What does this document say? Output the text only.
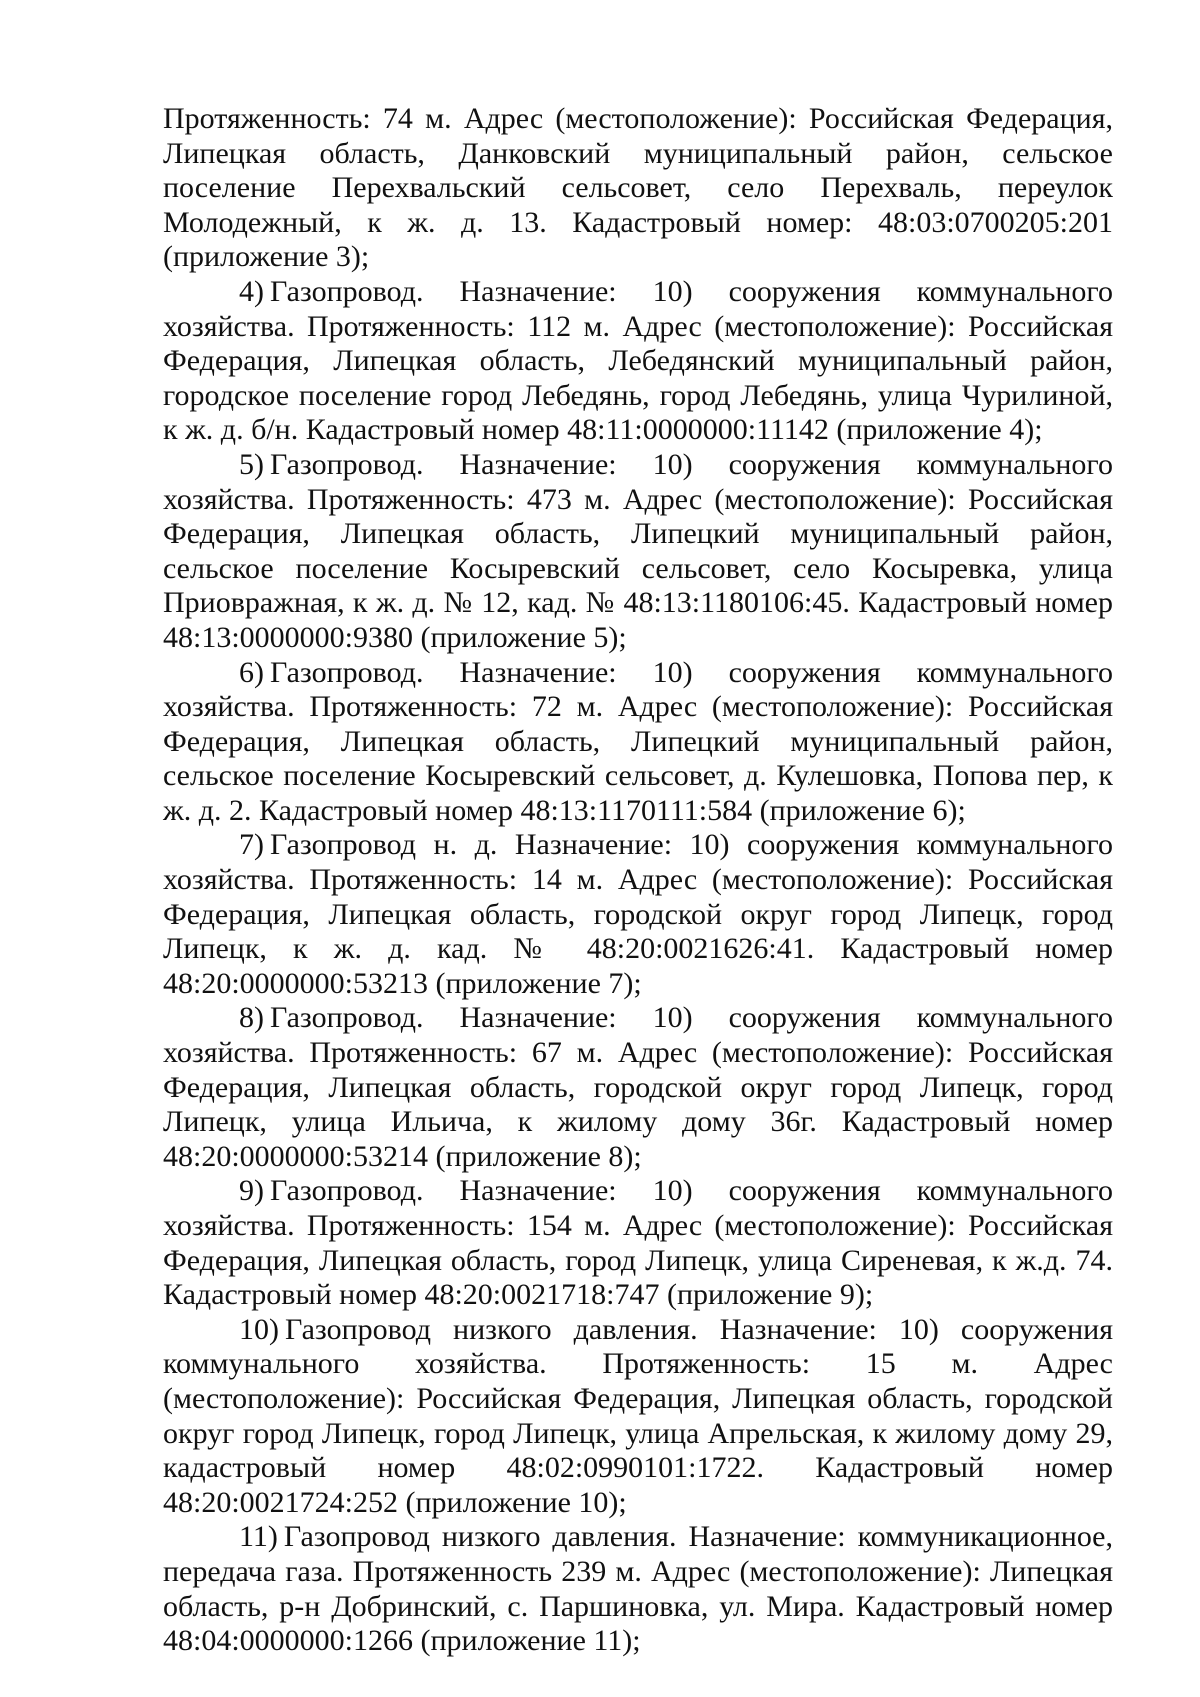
Протяженность: 74 м. Адрес (местоположение): Российская Федерация, Липецкая область, Данковский муниципальный район, сельское поселение Перехвальский сельсовет, село Перехваль, переулок Молодежный, к ж. д. 13. Кадастровый номер: 48:03:0700205:201 (приложение 3);

4) Газопровод. Назначение: 10) сооружения коммунального хозяйства. Протяженность: 112 м. Адрес (местоположение): Российская Федерация, Липецкая область, Лебедянский муниципальный район, городское поселение город Лебедянь, город Лебедянь, улица Чурилиной, к ж. д. б/н. Кадастровый номер 48:11:0000000:11142 (приложение 4);

5) Газопровод. Назначение: 10) сооружения коммунального хозяйства. Протяженность: 473 м. Адрес (местоположение): Российская Федерация, Липецкая область, Липецкий муниципальный район, сельское поселение Косыревский сельсовет, село Косыревка, улица Приовражная, к ж. д. № 12, кад. № 48:13:1180106:45. Кадастровый номер 48:13:0000000:9380 (приложение 5);

6) Газопровод. Назначение: 10) сооружения коммунального хозяйства. Протяженность: 72 м. Адрес (местоположение): Российская Федерация, Липецкая область, Липецкий муниципальный район, сельское поселение Косыревский сельсовет, д. Кулешовка, Попова пер, к ж. д. 2. Кадастровый номер 48:13:1170111:584 (приложение 6);

7) Газопровод н. д. Назначение: 10) сооружения коммунального хозяйства. Протяженность: 14 м. Адрес (местоположение): Российская Федерация, Липецкая область, городской округ город Липецк, город Липецк, к ж. д. кад. № 48:20:0021626:41. Кадастровый номер 48:20:0000000:53213 (приложение 7);

8) Газопровод. Назначение: 10) сооружения коммунального хозяйства. Протяженность: 67 м. Адрес (местоположение): Российская Федерация, Липецкая область, городской округ город Липецк, город Липецк, улица Ильича, к жилому дому 36г. Кадастровый номер 48:20:0000000:53214 (приложение 8);

9) Газопровод. Назначение: 10) сооружения коммунального хозяйства. Протяженность: 154 м. Адрес (местоположение): Российская Федерация, Липецкая область, город Липецк, улица Сиреневая, к ж.д. 74. Кадастровый номер 48:20:0021718:747 (приложение 9);

10) Газопровод низкого давления. Назначение: 10) сооружения коммунального хозяйства. Протяженность: 15 м. Адрес (местоположение): Российская Федерация, Липецкая область, городской округ город Липецк, город Липецк, улица Апрельская, к жилому дому 29, кадастровый номер 48:02:0990101:1722. Кадастровый номер 48:20:0021724:252 (приложение 10);

11) Газопровод низкого давления. Назначение: коммуникационное, передача газа. Протяженность 239 м. Адрес (местоположение): Липецкая область, р-н Добринский, с. Паршиновка, ул. Мира. Кадастровый номер 48:04:0000000:1266 (приложение 11);
